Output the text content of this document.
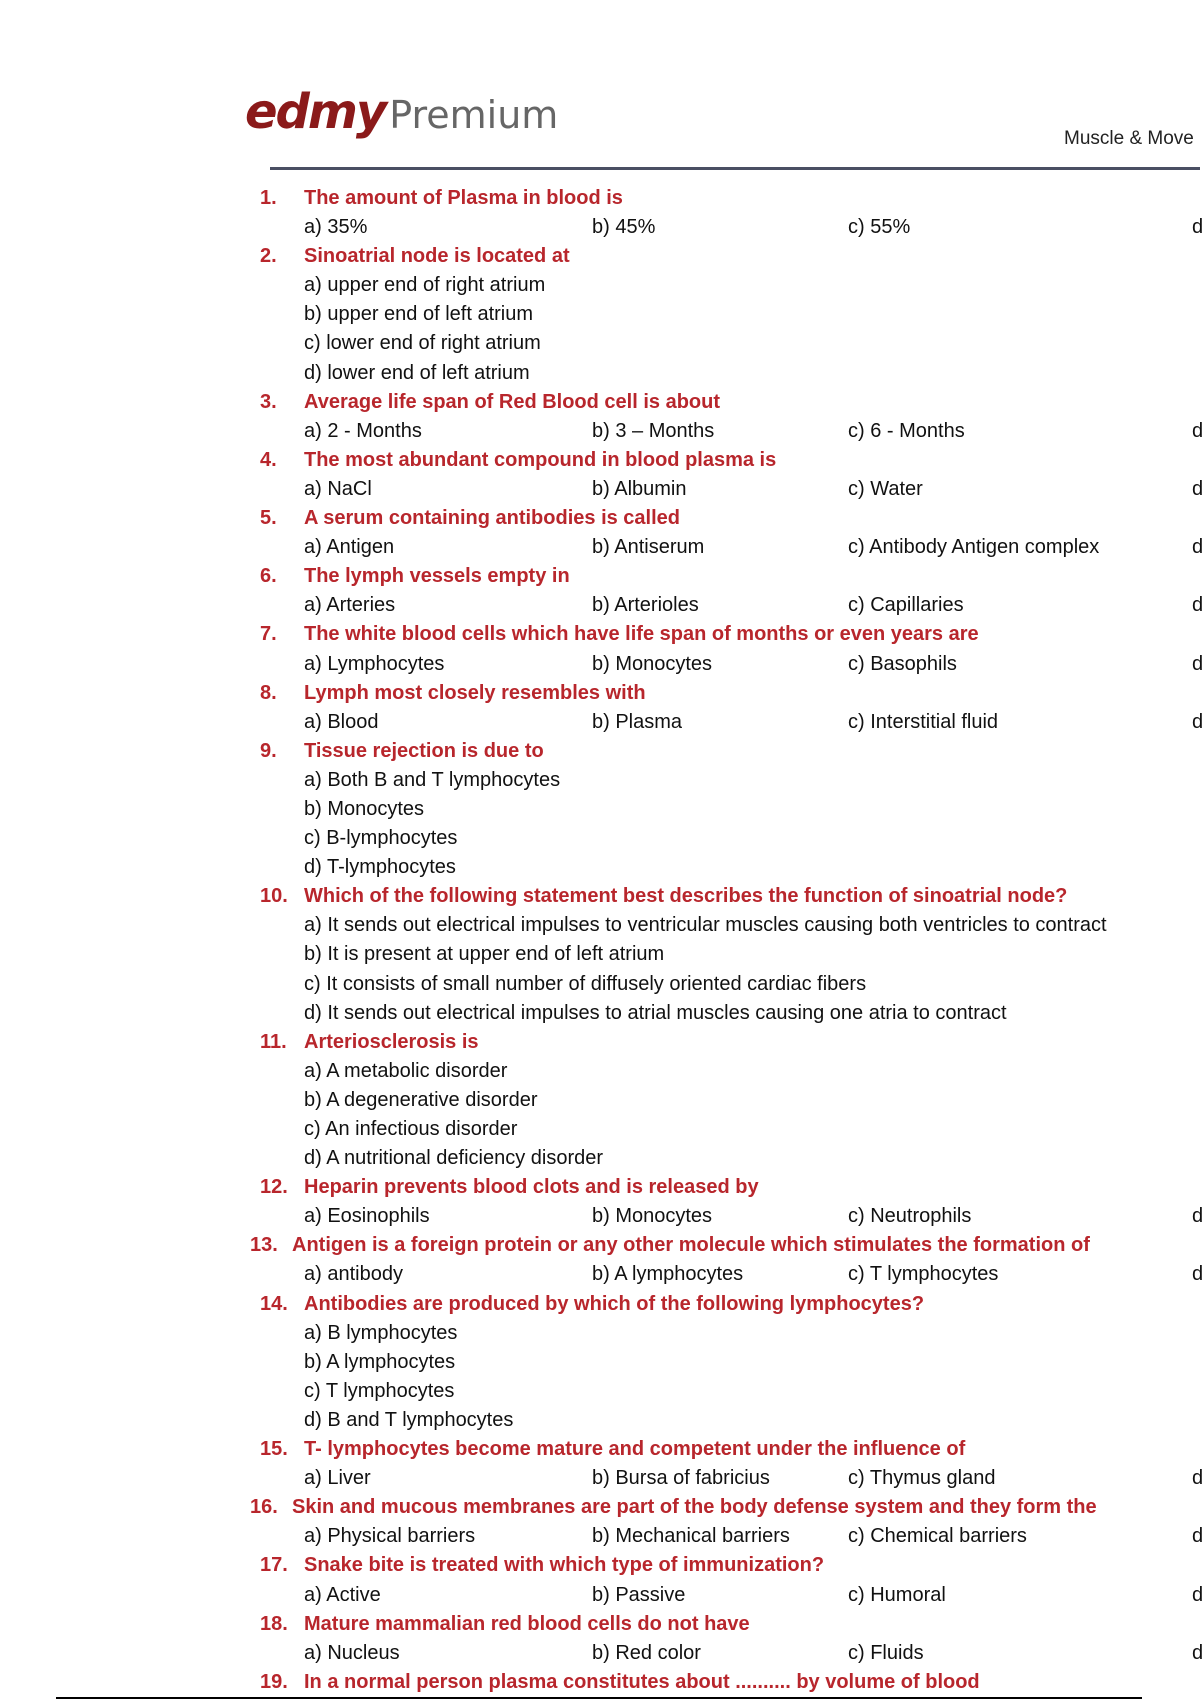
edmy Premium
Muscle & Move
1. The amount of Plasma in blood is
a) 35%	b) 45%	c) 55%	d
2. Sinoatrial node is located at
a) upper end of right atrium
b) upper end of left atrium
c) lower end of right atrium
d) lower end of left atrium
3. Average life span of Red Blood cell is about
a) 2 - Months	b) 3 – Months	c) 6 - Months	d
4. The most abundant compound in blood plasma is
a) NaCl	b) Albumin	c) Water	d
5. A serum containing antibodies is called
a) Antigen	b) Antiserum	c) Antibody Antigen complex	d
6. The lymph vessels empty in
a) Arteries	b) Arterioles	c) Capillaries	d
7. The white blood cells which have life span of months or even years are
a) Lymphocytes	b) Monocytes	c) Basophils	d
8. Lymph most closely resembles with
a) Blood	b) Plasma	c) Interstitial fluid	d
9. Tissue rejection is due to
a) Both B and T lymphocytes
b) Monocytes
c) B-lymphocytes
d) T-lymphocytes
10. Which of the following statement best describes the function of sinoatrial node?
a) It sends out electrical impulses to ventricular muscles causing both ventricles to contract
b) It is present at upper end of left atrium
c) It consists of small number of diffusely oriented cardiac fibers
d) It sends out electrical impulses to atrial muscles causing one atria to contract
11. Arteriosclerosis is
a) A metabolic disorder
b) A degenerative disorder
c) An infectious disorder
d) A nutritional deficiency disorder
12. Heparin prevents blood clots and is released by
a) Eosinophils	b) Monocytes	c) Neutrophils	d
13. Antigen is a foreign protein or any other molecule which stimulates the formation of
a) antibody	b) A lymphocytes	c) T lymphocytes	d
14. Antibodies are produced by which of the following lymphocytes?
a) B lymphocytes
b) A lymphocytes
c) T lymphocytes
d) B and T lymphocytes
15. T- lymphocytes become mature and competent under the influence of
a) Liver	b) Bursa of fabricius	c) Thymus gland	d
16. Skin and mucous membranes are part of the body defense system and they form the
a) Physical barriers	b) Mechanical barriers	c) Chemical barriers	d
17. Snake bite is treated with which type of immunization?
a) Active	b) Passive	c) Humoral	d
18. Mature mammalian red blood cells do not have
a) Nucleus	b) Red color	c) Fluids	d
19. In a normal person plasma constitutes about .......... by volume of blood
